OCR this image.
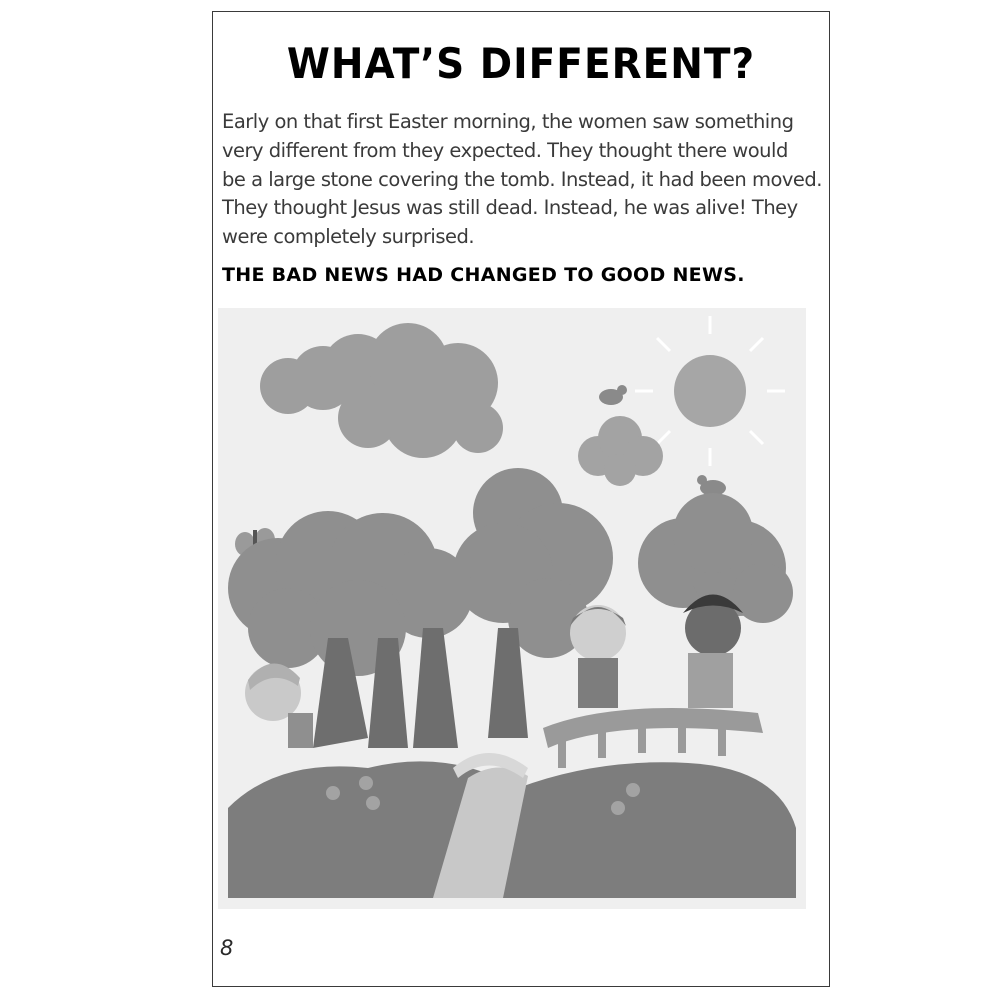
WHAT’S DIFFERENT?

Early on that first Easter morning, the women saw something
very different from they expected. They thought there would
be a large stone covering the tomb. Instead, it had been moved.
They thought Jesus was still dead. Instead, he was alive! They
were completely surprised.

THE BAD NEWS HAD CHANGED TO GOOD NEWS.

8
